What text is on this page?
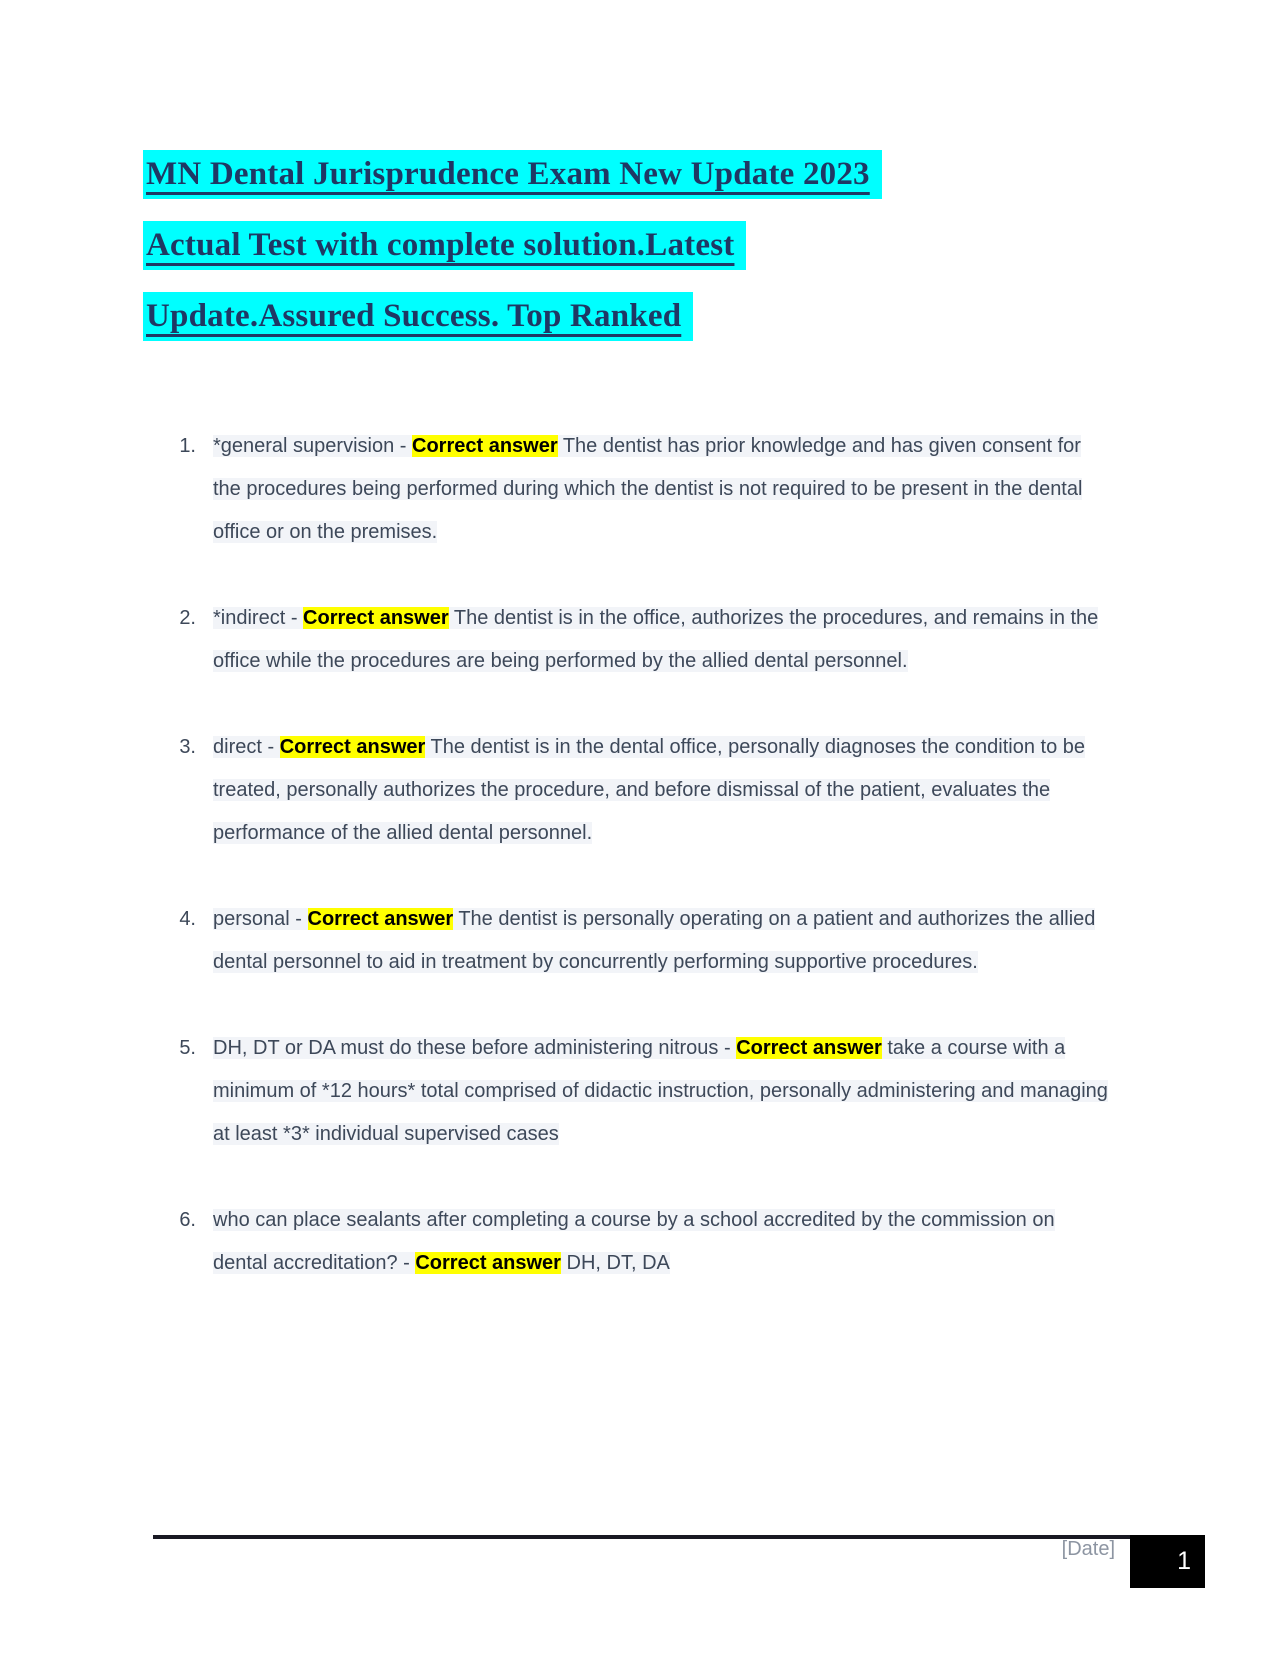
MN Dental Jurisprudence Exam New Update 2023
Actual Test with complete solution.Latest
Update.Assured Success. Top Ranked
1. *general supervision - Correct answer The dentist has prior knowledge and has given consent for the procedures being performed during which the dentist is not required to be present in the dental office or on the premises.
2. *indirect - Correct answer The dentist is in the office, authorizes the procedures, and remains in the office while the procedures are being performed by the allied dental personnel.
3. direct - Correct answer The dentist is in the dental office, personally diagnoses the condition to be treated, personally authorizes the procedure, and before dismissal of the patient, evaluates the performance of the allied dental personnel.
4. personal - Correct answer The dentist is personally operating on a patient and authorizes the allied dental personnel to aid in treatment by concurrently performing supportive procedures.
5. DH, DT or DA must do these before administering nitrous - Correct answer take a course with a minimum of *12 hours* total comprised of didactic instruction, personally administering and managing at least *3* individual supervised cases
6. who can place sealants after completing a course by a school accredited by the commission on dental accreditation? - Correct answer DH, DT, DA
[Date] 1
